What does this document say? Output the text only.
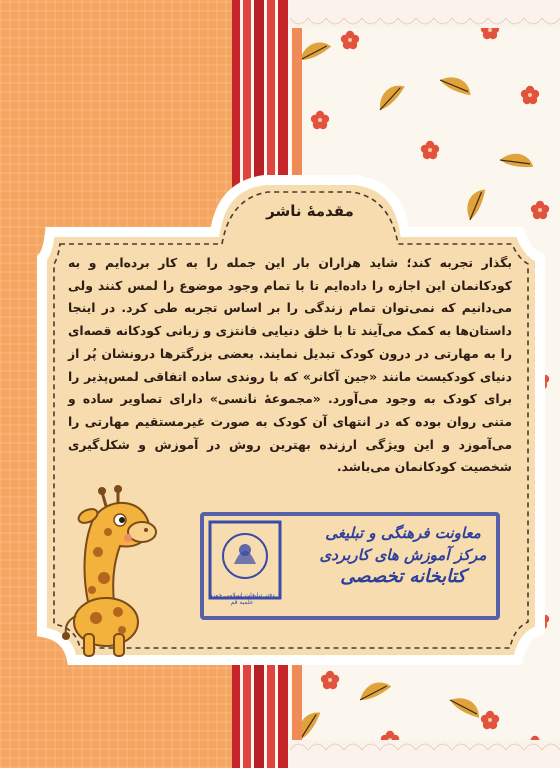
مقدمهٔ ناشر
بگذار تجربه کند؛ شاید هزاران بار این جمله را به کار برده‌ایم و به کودکانمان این اجازه را داده‌ایم تا با تمام وجود موضوع را لمس کنند ولی می‌دانیم که نمی‌توان تمام زندگی را بر اساس تجربه طی کرد. در اینجا داستان‌ها به کمک می‌آیند تا با خلق دنیایی فانتزی و زبانی کودکانه قصه‌ای را به مهارتی در درون کودک تبدیل نمایند. بعضی بزرگترها درونشان پُر از دنیای کودکیست مانند «جین آکانر» که با روندی ساده اتفاقی لمس‌پذیر را برای کودک به وجود می‌آورد. «مجموعهٔ نانسی» دارای تصاویر ساده و متنی روان بوده که در انتهای آن کودک به صورت غیرمستقیم مهارتی را می‌آموزد و این ویژگی ارزنده بهترین روش در آموزش و شکل‌گیری شخصیت کودکانمان می‌باشد.
معاونت فرهنگی و تبلیغی
مرکز آموزش های کاربردی
کتابخانه تخصصی
دفتر تبلیغات اسلامی حوزه علمیه قم
